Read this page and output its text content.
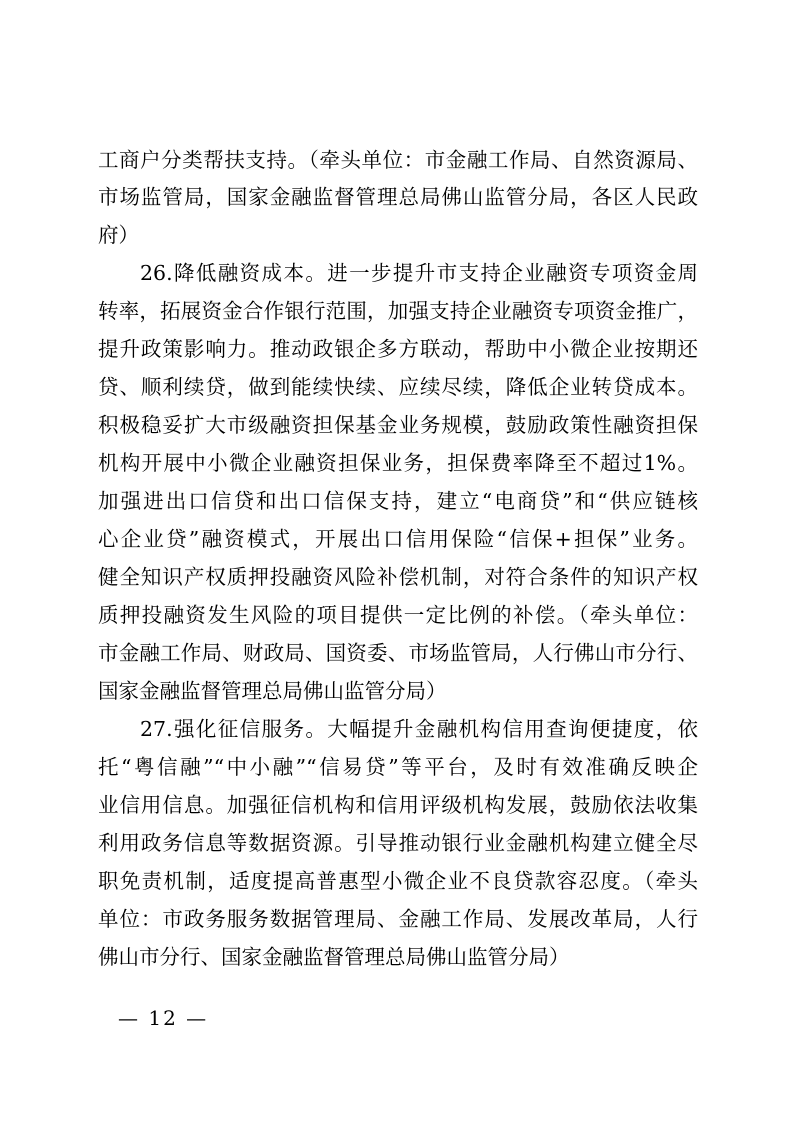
工商户分类帮扶支持。（牵头单位：市金融工作局、自然资源局、
市场监管局，国家金融监督管理总局佛山监管分局，各区人民政
府）
26.降低融资成本。进一步提升市支持企业融资专项资金周
转率，拓展资金合作银行范围，加强支持企业融资专项资金推广，
提升政策影响力。推动政银企多方联动，帮助中小微企业按期还
贷、顺利续贷，做到能续快续、应续尽续，降低企业转贷成本。
积极稳妥扩大市级融资担保基金业务规模，鼓励政策性融资担保
机构开展中小微企业融资担保业务，担保费率降至不超过1%。
加强进出口信贷和出口信保支持，建立“电商贷”和“供应链核
心企业贷”融资模式，开展出口信用保险“信保+担保”业务。
健全知识产权质押投融资风险补偿机制，对符合条件的知识产权
质押投融资发生风险的项目提供一定比例的补偿。（牵头单位：
市金融工作局、财政局、国资委、市场监管局，人行佛山市分行、
国家金融监督管理总局佛山监管分局）
27.强化征信服务。大幅提升金融机构信用查询便捷度，依
托“粤信融”“中小融”“信易贷”等平台，及时有效准确反映企
业信用信息。加强征信机构和信用评级机构发展，鼓励依法收集
利用政务信息等数据资源。引导推动银行业金融机构建立健全尽
职免责机制，适度提高普惠型小微企业不良贷款容忍度。（牵头
单位：市政务服务数据管理局、金融工作局、发展改革局，人行
佛山市分行、国家金融监督管理总局佛山监管分局）
— 12 —
